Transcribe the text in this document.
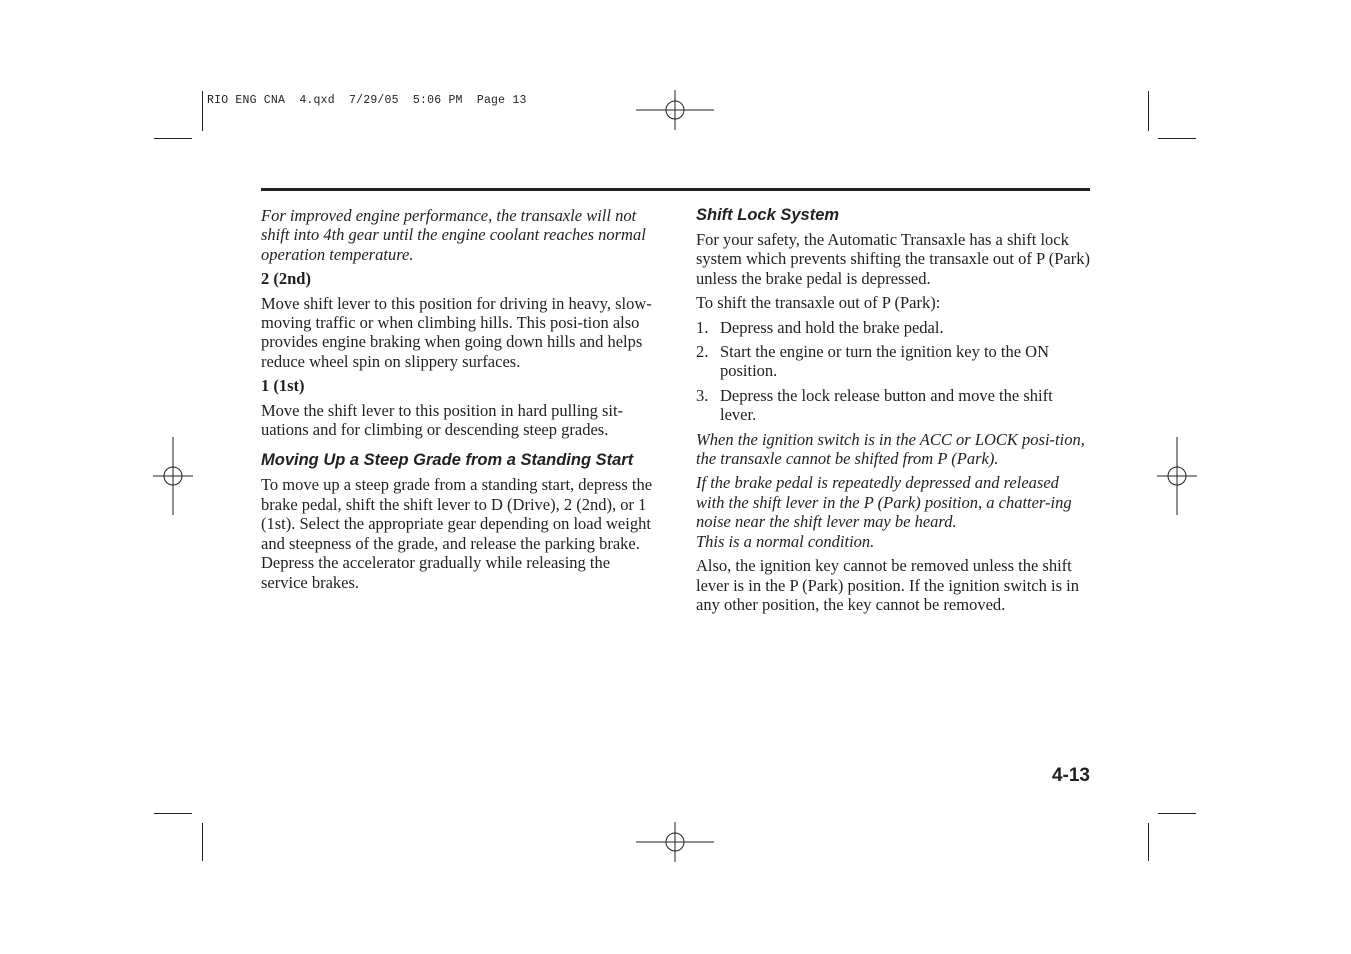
RIO ENG CNA  4.qxd  7/29/05  5:06 PM  Page 13

For improved engine performance, the transaxle will not shift into 4th gear until the engine coolant reaches normal operation temperature.

2 (2nd)

Move shift lever to this position for driving in heavy, slow-moving traffic or when climbing hills. This posi-tion also provides engine braking when going down hills and helps reduce wheel spin on slippery surfaces.

1 (1st)

Move the shift lever to this position in hard pulling sit-uations and for climbing or descending steep grades.

Moving Up a Steep Grade from a Standing Start

To move up a steep grade from a standing start, depress the brake pedal, shift the shift lever to D (Drive), 2 (2nd), or 1 (1st). Select the appropriate gear depending on load weight and steepness of the grade, and release the parking brake. Depress the accelerator gradually while releasing the service brakes.

Shift Lock System

For your safety, the Automatic Transaxle has a shift lock system which prevents shifting the transaxle out of P (Park) unless the brake pedal is depressed.

To shift the transaxle out of P (Park):

1. Depress and hold the brake pedal.
2. Start the engine or turn the ignition key to the ON position.
3. Depress the lock release button and move the shift lever.

When the ignition switch is in the ACC or LOCK posi-tion, the transaxle cannot be shifted from P (Park).

If the brake pedal is repeatedly depressed and released with the shift lever in the P (Park) position, a chatter-ing noise near the shift lever may be heard.

This is a normal condition.

Also, the ignition key cannot be removed unless the shift lever is in the P (Park) position. If the ignition switch is in any other position, the key cannot be removed.

4-13
